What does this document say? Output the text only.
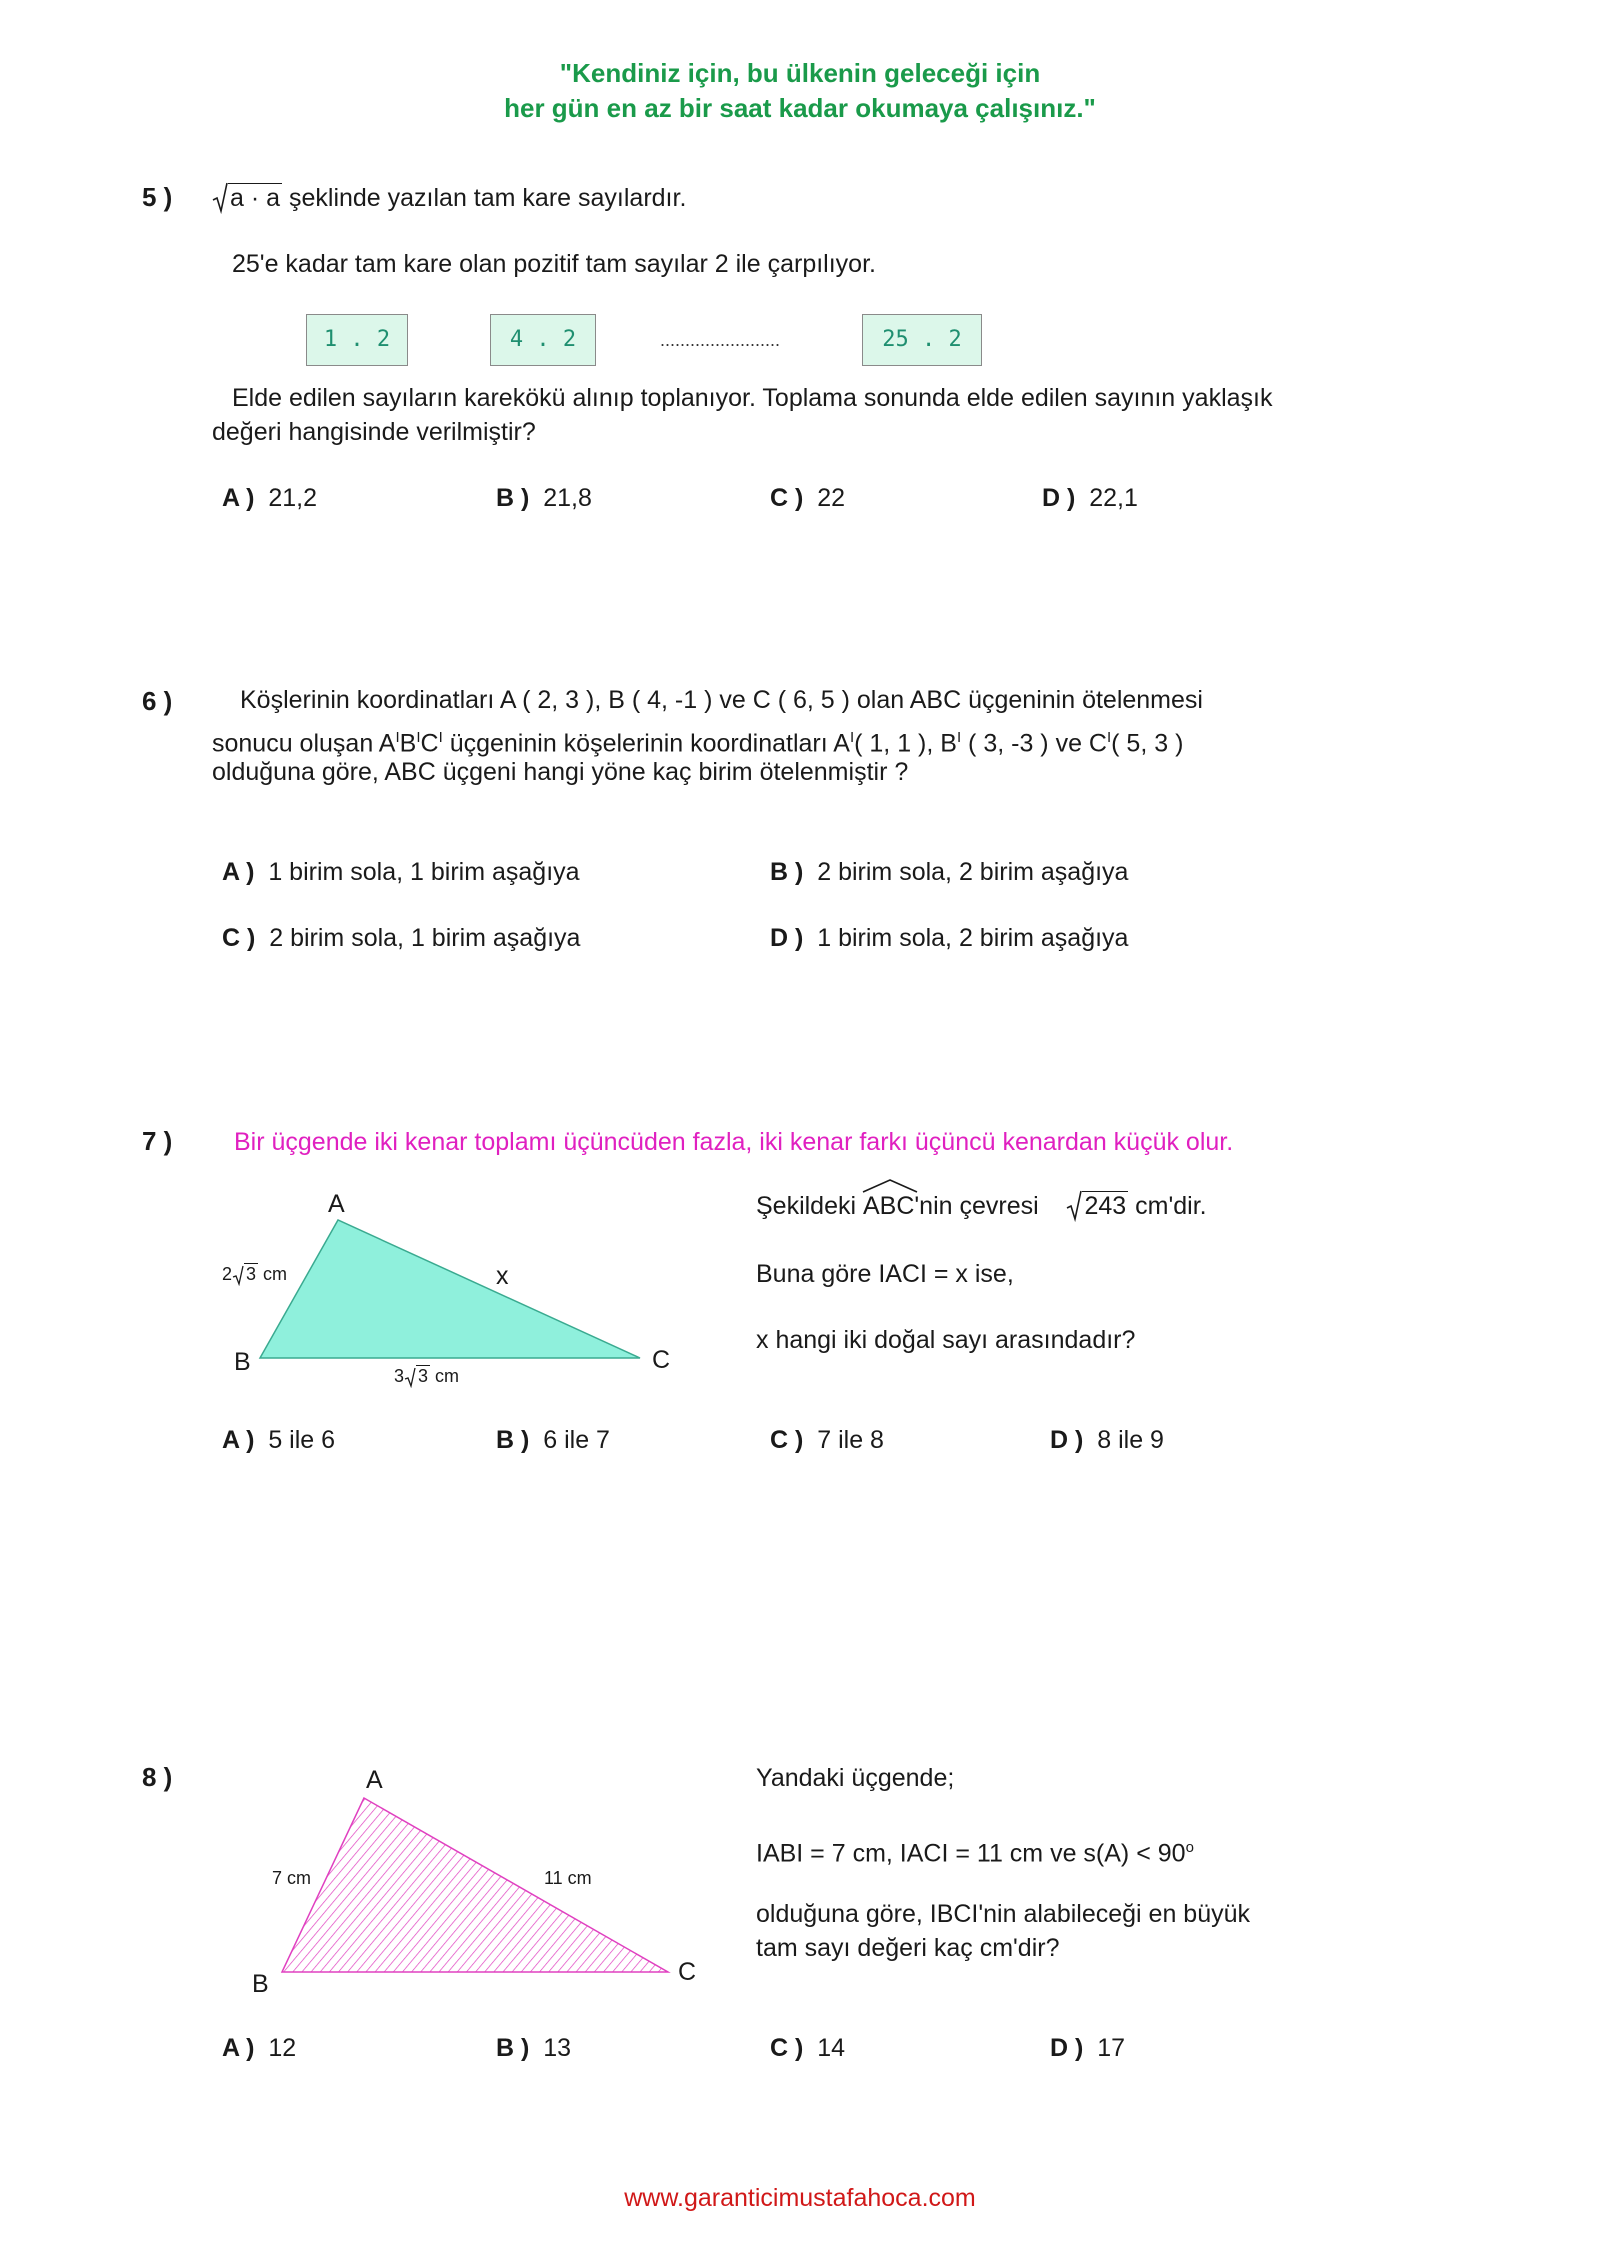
"Kendiniz için, bu ülkenin geleceği için
her gün en az bir saat kadar okumaya çalışınız."
5 )	a · a şeklinde yazılan tam kare sayılardır.
25'e kadar tam kare olan pozitif tam sayılar 2 ile çarpılıyor.
1 . 2	4 . 2	........................	25 . 2
Elde edilen sayıların karekökü alınıp toplanıyor. Toplama sonunda elde edilen sayının yaklaşık
değeri hangisinde verilmiştir?
A ) 21,2	B ) 21,8	C ) 22	D ) 22,1
6 )	Köşlerinin koordinatları A ( 2, 3 ), B ( 4, -1 ) ve C ( 6, 5 ) olan ABC üçgeninin ötelenmesi
sonucu oluşan $A^IB^IC^I$ üçgeninin köşelerinin koordinatları $A^I$( 1, 1 ), $B^I$ ( 3, -3 ) ve $C^I$( 5, 3 )
olduğuna göre, ABC üçgeni hangi yöne kaç birim ötelenmiştir ?
A ) 1 birim sola, 1 birim aşağıya	B ) 2 birim sola, 2 birim aşağıya
C ) 2 birim sola, 1 birim aşağıya	D ) 1 birim sola, 2 birim aşağıya
7 ) Bir üçgende iki kenar toplamı üçüncüden fazla, iki kenar farkı üçüncü kenardan küçük olur.
A
B	C
x
2 3 cm
3 3 cm
Şekildeki
ABC'nin çevresi 243 cm'dir.
Buna göre IACI = x ise,
x hangi iki doğal sayı arasındadır?
A ) 5 ile 6	B ) 6 ile 7	C ) 7 ile 8	D ) 8 ile 9
8 )	A
B	C
7 cm	11 cm
Yandaki üçgende;
IABI = 7 cm, IACI = 11 cm ve $s(A) < 90^o$
olduğuna göre, IBCI'nin alabileceği en büyük
tam sayı değeri kaç cm'dir?
A ) 12	B ) 13	C ) 14	D ) 17
www.garanticimustafahoca.com
